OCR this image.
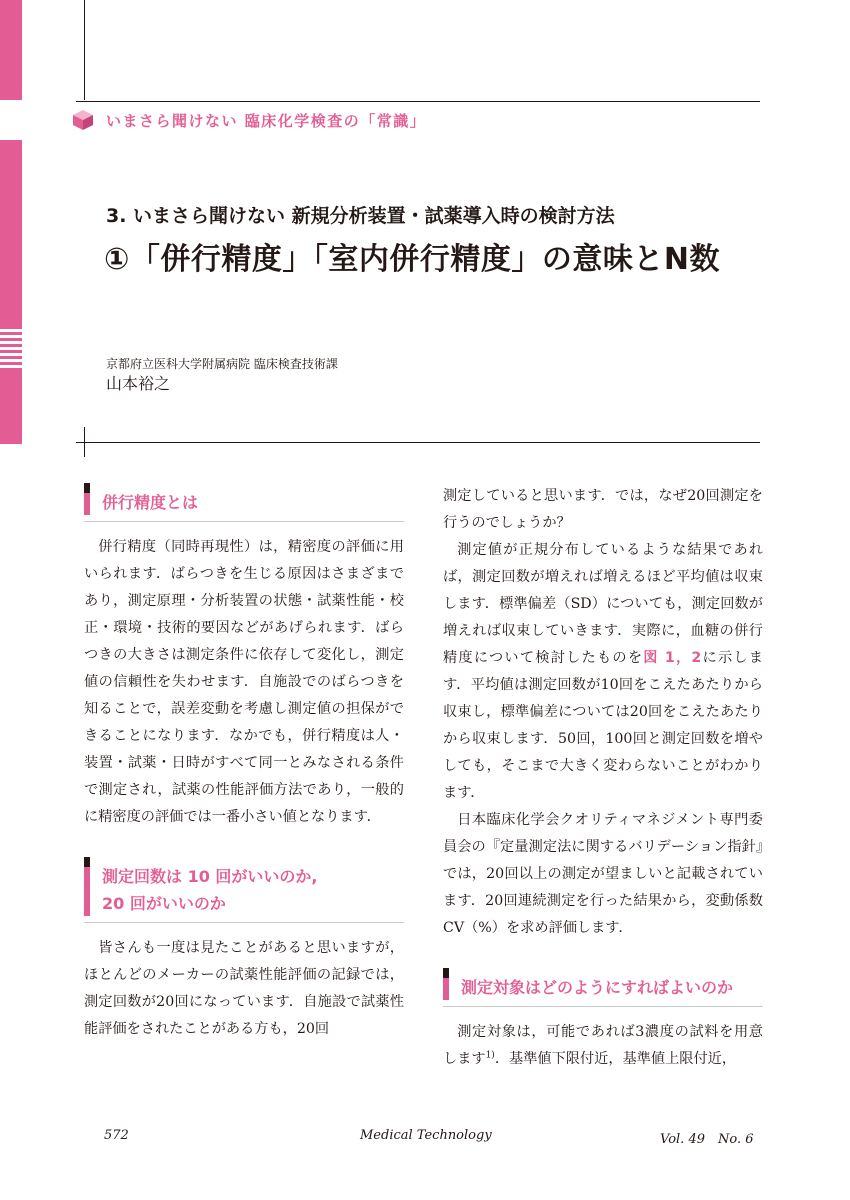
いまさら聞けない 臨床化学検査の「常識」
3. いまさら聞けない 新規分析装置・試薬導入時の検討方法
①「併行精度」「室内併行精度」の意味とN数
京都府立医科大学附属病院 臨床検査技術課
山本裕之
併行精度とは

併行精度（同時再現性）は，精密度の評価に用いられます．ばらつきを生じる原因はさまざまであり，測定原理・分析装置の状態・試薬性能・校正・環境・技術的要因などがあげられます．ばらつきの大きさは測定条件に依存して変化し，測定値の信頼性を失わせます．自施設でのばらつきを知ることで，誤差変動を考慮し測定値の担保ができることになります．なかでも，併行精度は人・装置・試薬・日時がすべて同一とみなされる条件で測定され，試薬の性能評価方法であり，一般的に精密度の評価では一番小さい値となります．

測定回数は 10 回がいいのか,
20 回がいいのか

皆さんも一度は見たことがあると思いますが，ほとんどのメーカーの試薬性能評価の記録では，測定回数が20回になっています．自施設で試薬性能評価をされたことがある方も，20回

測定していると思います．では，なぜ20回測定を行うのでしょうか？

測定値が正規分布しているような結果であれば，測定回数が増えれば増えるほど平均値は収束します．標準偏差（SD）についても，測定回数が増えれば収束していきます．実際に，血糖の併行精度について検討したものを図 1，2に示します．平均値は測定回数が10回をこえたあたりから収束し，標準偏差については20回をこえたあたりから収束します．50回，100回と測定回数を増やしても，そこまで大きく変わらないことがわかります．

日本臨床化学会クオリティマネジメント専門委員会の『定量測定法に関するバリデーション指針』では，20回以上の測定が望ましいと記載されています．20回連続測定を行った結果から，変動係数CV（%）を求め評価します．

測定対象はどのようにすればよいのか

測定対象は，可能であれば3濃度の試料を用意します$^{1)}$．基準値下限付近，基準値上限付近，

572	Medical Technology	Vol. 49　No. 6
